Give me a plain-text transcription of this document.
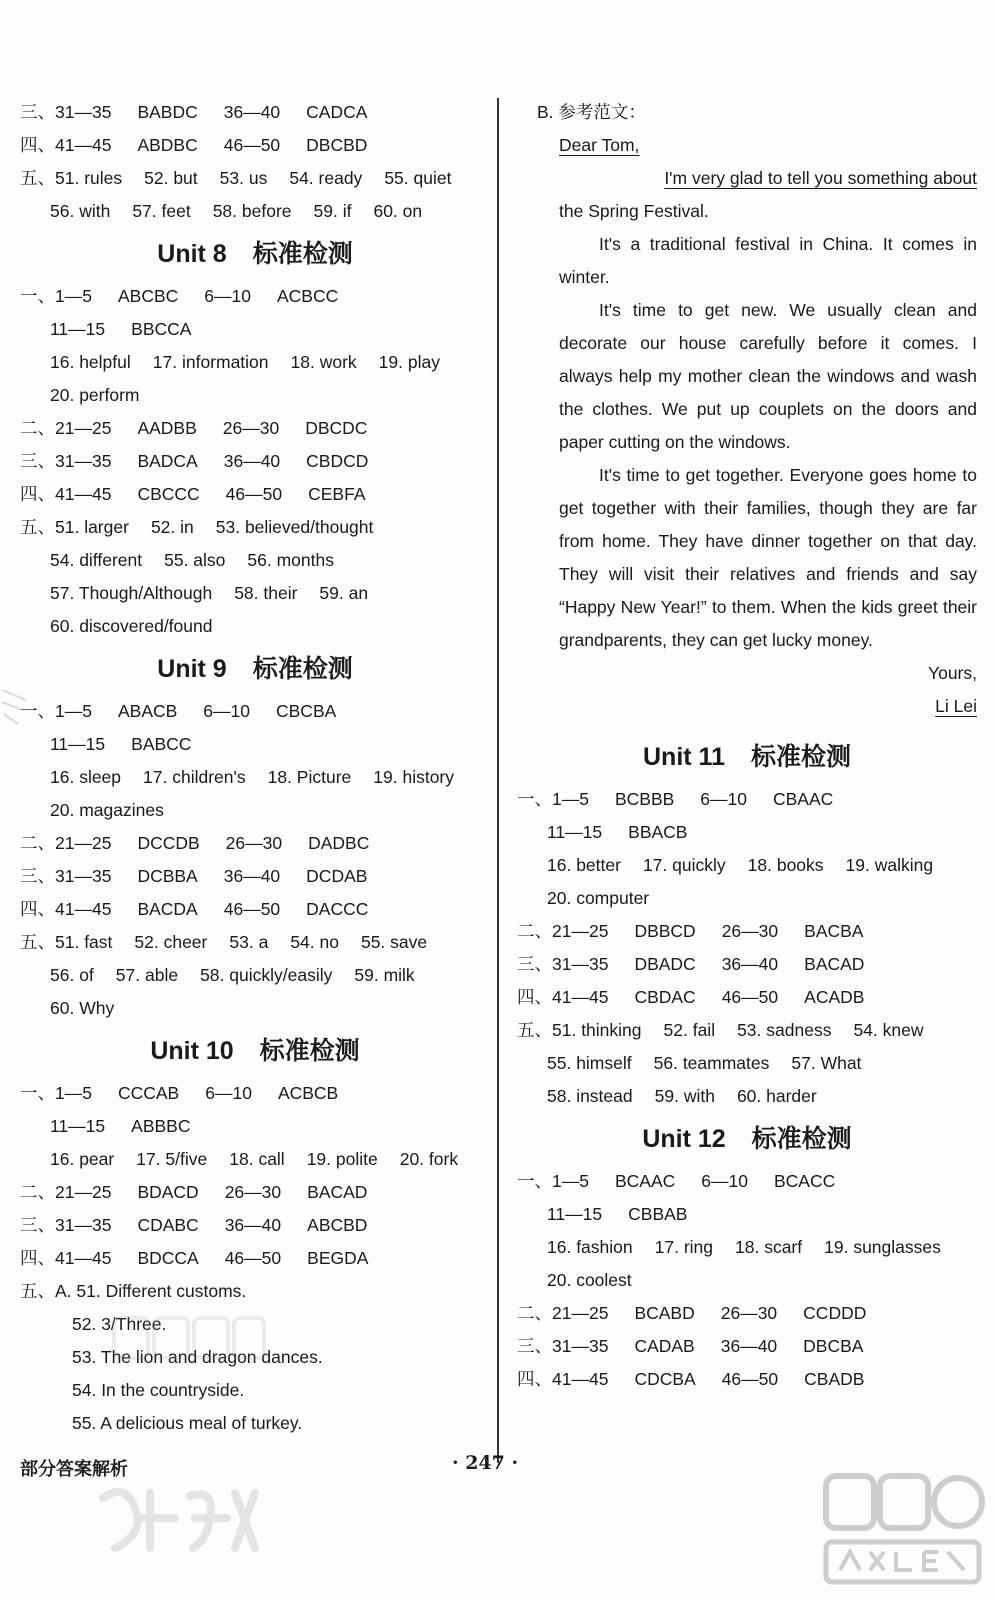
三、31—35 BABDC 36—40 CADCA
四、41—45 ABDBC 46—50 DBCBD
五、51. rules 52. but 53. us 54. ready 55. quiet
56. with 57. feet 58. before 59. if 60. on
Unit 8 标准检测
一、1—5 ABCBC 6—10 ACBCC
11—15 BBCCA
16. helpful 17. information 18. work 19. play
20. perform
二、21—25 AADBB 26—30 DBCDC
三、31—35 BADCA 36—40 CBDCD
四、41—45 CBCCC 46—50 CEBFA
五、51. larger 52. in 53. believed/thought
54. different 55. also 56. months
57. Though/Although 58. their 59. an
60. discovered/found
Unit 9 标准检测
一、1—5 ABACB 6—10 CBCBA
11—15 BABCC
16. sleep 17. children's 18. Picture 19. history
20. magazines
二、21—25 DCCDB 26—30 DADBC
三、31—35 DCBBA 36—40 DCDAB
四、41—45 BACDA 46—50 DACCC
五、51. fast 52. cheer 53. a 54. no 55. save
56. of 57. able 58. quickly/easily 59. milk
60. Why
Unit 10 标准检测
一、1—5 CCCAB 6—10 ACBCB
11—15 ABBBC
16. pear 17. 5/five 18. call 19. polite 20. fork
二、21—25 BDACD 26—30 BACAD
三、31—35 CDABC 36—40 ABCBD
四、41—45 BDCCA 46—50 BEGDA
五、A. 51. Different customs.
52. 3/Three.
53. The lion and dragon dances.
54. In the countryside.
55. A delicious meal of turkey.
B. 参考范文：
Dear Tom,
I'm very glad to tell you something about
the Spring Festival.
It's a traditional festival in China. It comes in winter.
It's time to get new. We usually clean and decorate our house carefully before it comes. I always help my mother clean the windows and wash the clothes. We put up couplets on the doors and paper cutting on the windows.
It's time to get together. Everyone goes home to get together with their families, though they are far from home. They have dinner together on that day. They will visit their relatives and friends and say “Happy New Year!” to them. When the kids greet their grandparents, they can get lucky money.
Yours,
Li Lei
Unit 11 标准检测
一、1—5 BCBBB 6—10 CBAAC
11—15 BBACB
16. better 17. quickly 18. books 19. walking
20. computer
二、21—25 DBBCD 26—30 BACBA
三、31—35 DBADC 36—40 BACAD
四、41—45 CBDAC 46—50 ACADB
五、51. thinking 52. fail 53. sadness 54. knew
55. himself 56. teammates 57. What
58. instead 59. with 60. harder
Unit 12 标准检测
一、1—5 BCAAC 6—10 BCACC
11—15 CBBAB
16. fashion 17. ring 18. scarf 19. sunglasses
20. coolest
二、21—25 BCABD 26—30 CCDDD
三、31—35 CADAB 36—40 DBCBA
四、41—45 CDCBA 46—50 CBADB
部分答案解析	· 247 ·
